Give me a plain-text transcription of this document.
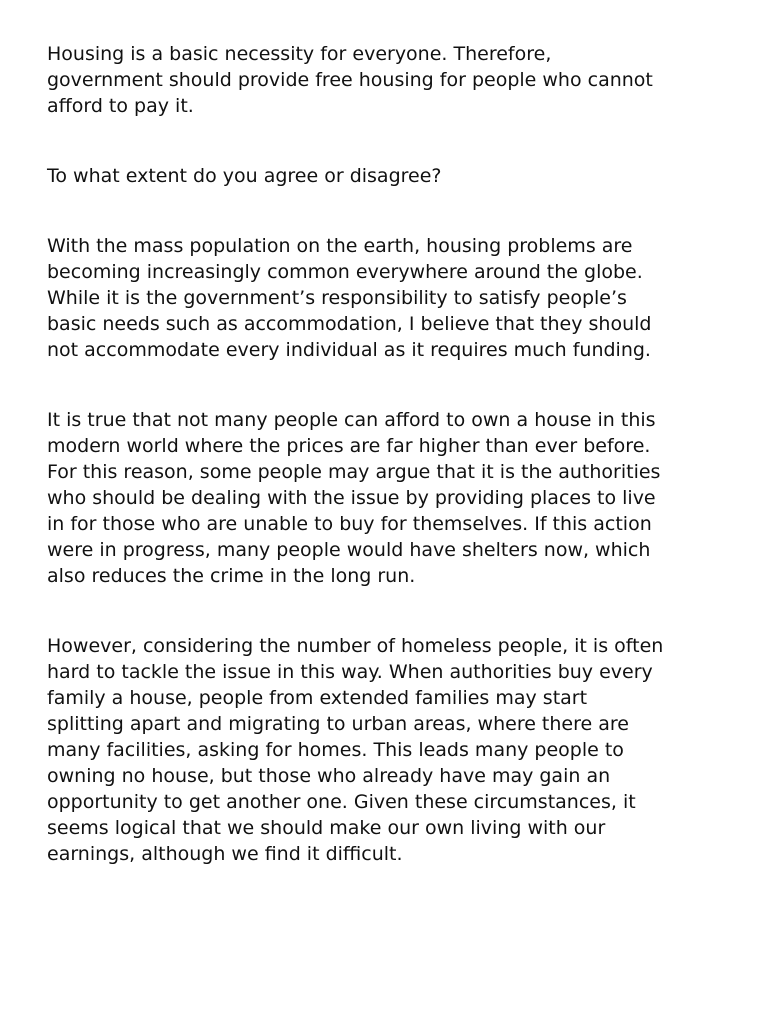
Housing is a basic necessity for everyone. Therefore,
government should provide free housing for people who cannot
afford to pay it.

To what extent do you agree or disagree?

With the mass population on the earth, housing problems are
becoming increasingly common everywhere around the globe.
While it is the government’s responsibility to satisfy people’s
basic needs such as accommodation, I believe that they should
not accommodate every individual as it requires much funding.

It is true that not many people can afford to own a house in this
modern world where the prices are far higher than ever before.
For this reason, some people may argue that it is the authorities
who should be dealing with the issue by providing places to live
in for those who are unable to buy for themselves. If this action
were in progress, many people would have shelters now, which
also reduces the crime in the long run.

However, considering the number of homeless people, it is often
hard to tackle the issue in this way. When authorities buy every
family a house, people from extended families may start
splitting apart and migrating to urban areas, where there are
many facilities, asking for homes. This leads many people to
owning no house, but those who already have may gain an
opportunity to get another one. Given these circumstances, it
seems logical that we should make our own living with our
earnings, although we find it difficult.
